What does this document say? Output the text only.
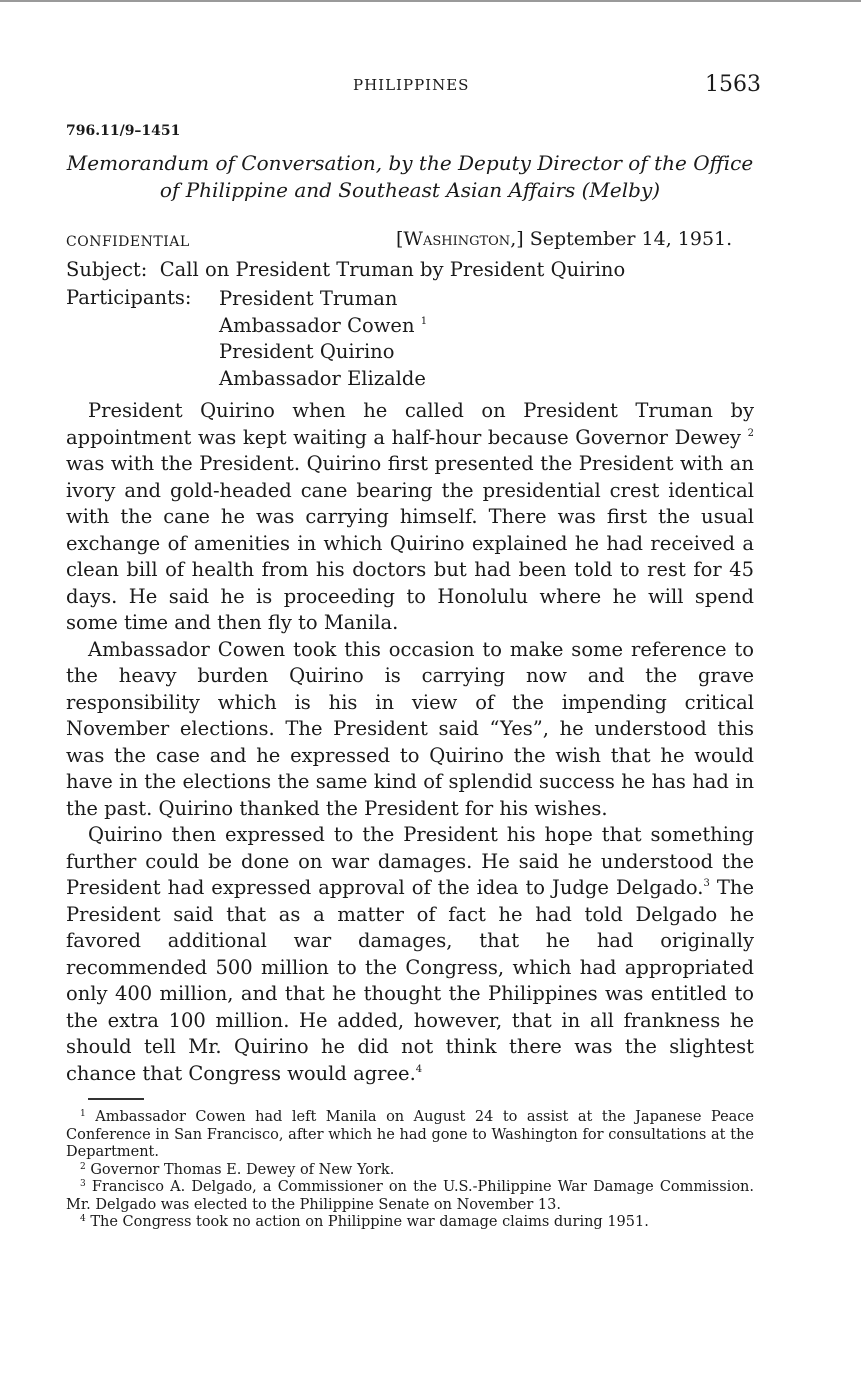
PHILIPPINES	1563
796.11/9–1451
Memorandum of Conversation, by the Deputy Director of the Office of Philippine and Southeast Asian Affairs (Melby)
CONFIDENTIAL	[Washington,] September 14, 1951.
Subject: Call on President Truman by President Quirino
Participants: President Truman
Ambassador Cowen $^1$
President Quirino
Ambassador Elizalde

President Quirino when he called on President Truman by appointment was kept waiting a half-hour because Governor Dewey $^2$ was with the President. Quirino first presented the President with an ivory and gold-headed cane bearing the presidential crest identical with the cane he was carrying himself. There was first the usual exchange of amenities in which Quirino explained he had received a clean bill of health from his doctors but had been told to rest for 45 days. He said he is proceeding to Honolulu where he will spend some time and then fly to Manila.

Ambassador Cowen took this occasion to make some reference to the heavy burden Quirino is carrying now and the grave responsibility which is his in view of the impending critical November elections. The President said “Yes”, he understood this was the case and he expressed to Quirino the wish that he would have in the elections the same kind of splendid success he has had in the past. Quirino thanked the President for his wishes.

Quirino then expressed to the President his hope that something further could be done on war damages. He said he understood the President had expressed approval of the idea to Judge Delgado.$^3$ The President said that as a matter of fact he had told Delgado he favored additional war damages, that he had originally recommended 500 million to the Congress, which had appropriated only 400 million, and that he thought the Philippines was entitled to the extra 100 million. He added, however, that in all frankness he should tell Mr. Quirino he did not think there was the slightest chance that Congress would agree.$^4$

$^1$ Ambassador Cowen had left Manila on August 24 to assist at the Japanese Peace Conference in San Francisco, after which he had gone to Washington for consultations at the Department.

$^2$ Governor Thomas E. Dewey of New York.

$^3$ Francisco A. Delgado, a Commissioner on the U.S.-Philippine War Damage Commission. Mr. Delgado was elected to the Philippine Senate on November 13.

$^4$ The Congress took no action on Philippine war damage claims during 1951.
